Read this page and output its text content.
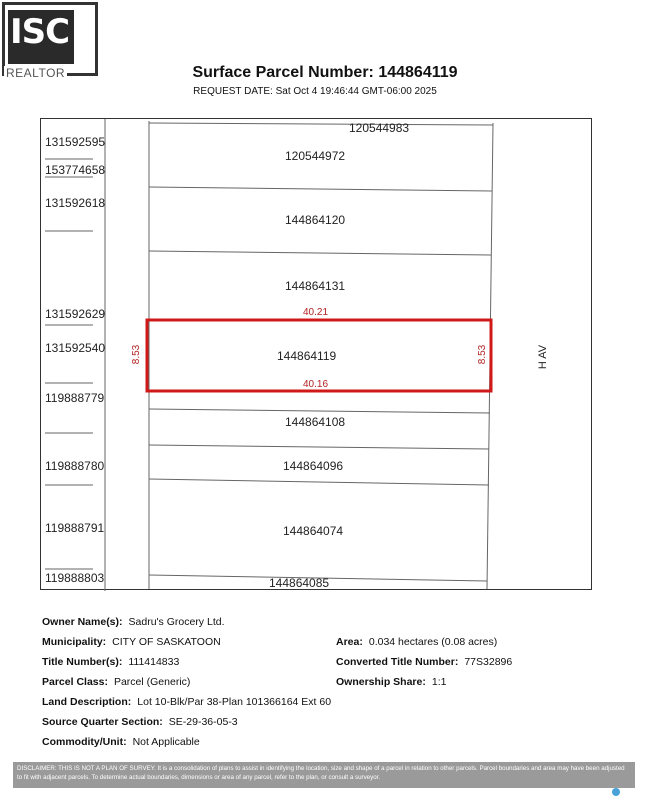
ISC
REALTOR	Surface Parcel Number: 144864119
REQUEST DATE: Sat Oct 4 19:46:44 GMT-06:00 2025
131592595
153774658
131592618
131592629
131592540
119888779
119888780
119888791
119888803
120544983
120544972
144864120
144864131
144864119
144864108
144864096
144864074
144864085
40.21
40.16
8.53	8.53	H AV
Owner Name(s): Sadru's Grocery Ltd.
Municipality: CITY OF SASKATOON	Area: 0.034 hectares (0.08 acres)
Title Number(s): 111414833	Converted Title Number: 77S32896
Parcel Class: Parcel (Generic)	Ownership Share: 1:1
Land Description: Lot 10-Blk/Par 38-Plan 101366164 Ext 60
Source Quarter Section: SE-29-36-05-3
Commodity/Unit: Not Applicable
DISCLAIMER: THIS IS NOT A PLAN OF SURVEY. It is a consolidation of plans to assist in identifying the location, size and shape of a parcel in relation to other parcels. Parcel boundaries and area may have been adjusted to fit with adjacent parcels. To determine actual boundaries, dimensions or area of any parcel, refer to the plan, or consult a surveyor.
